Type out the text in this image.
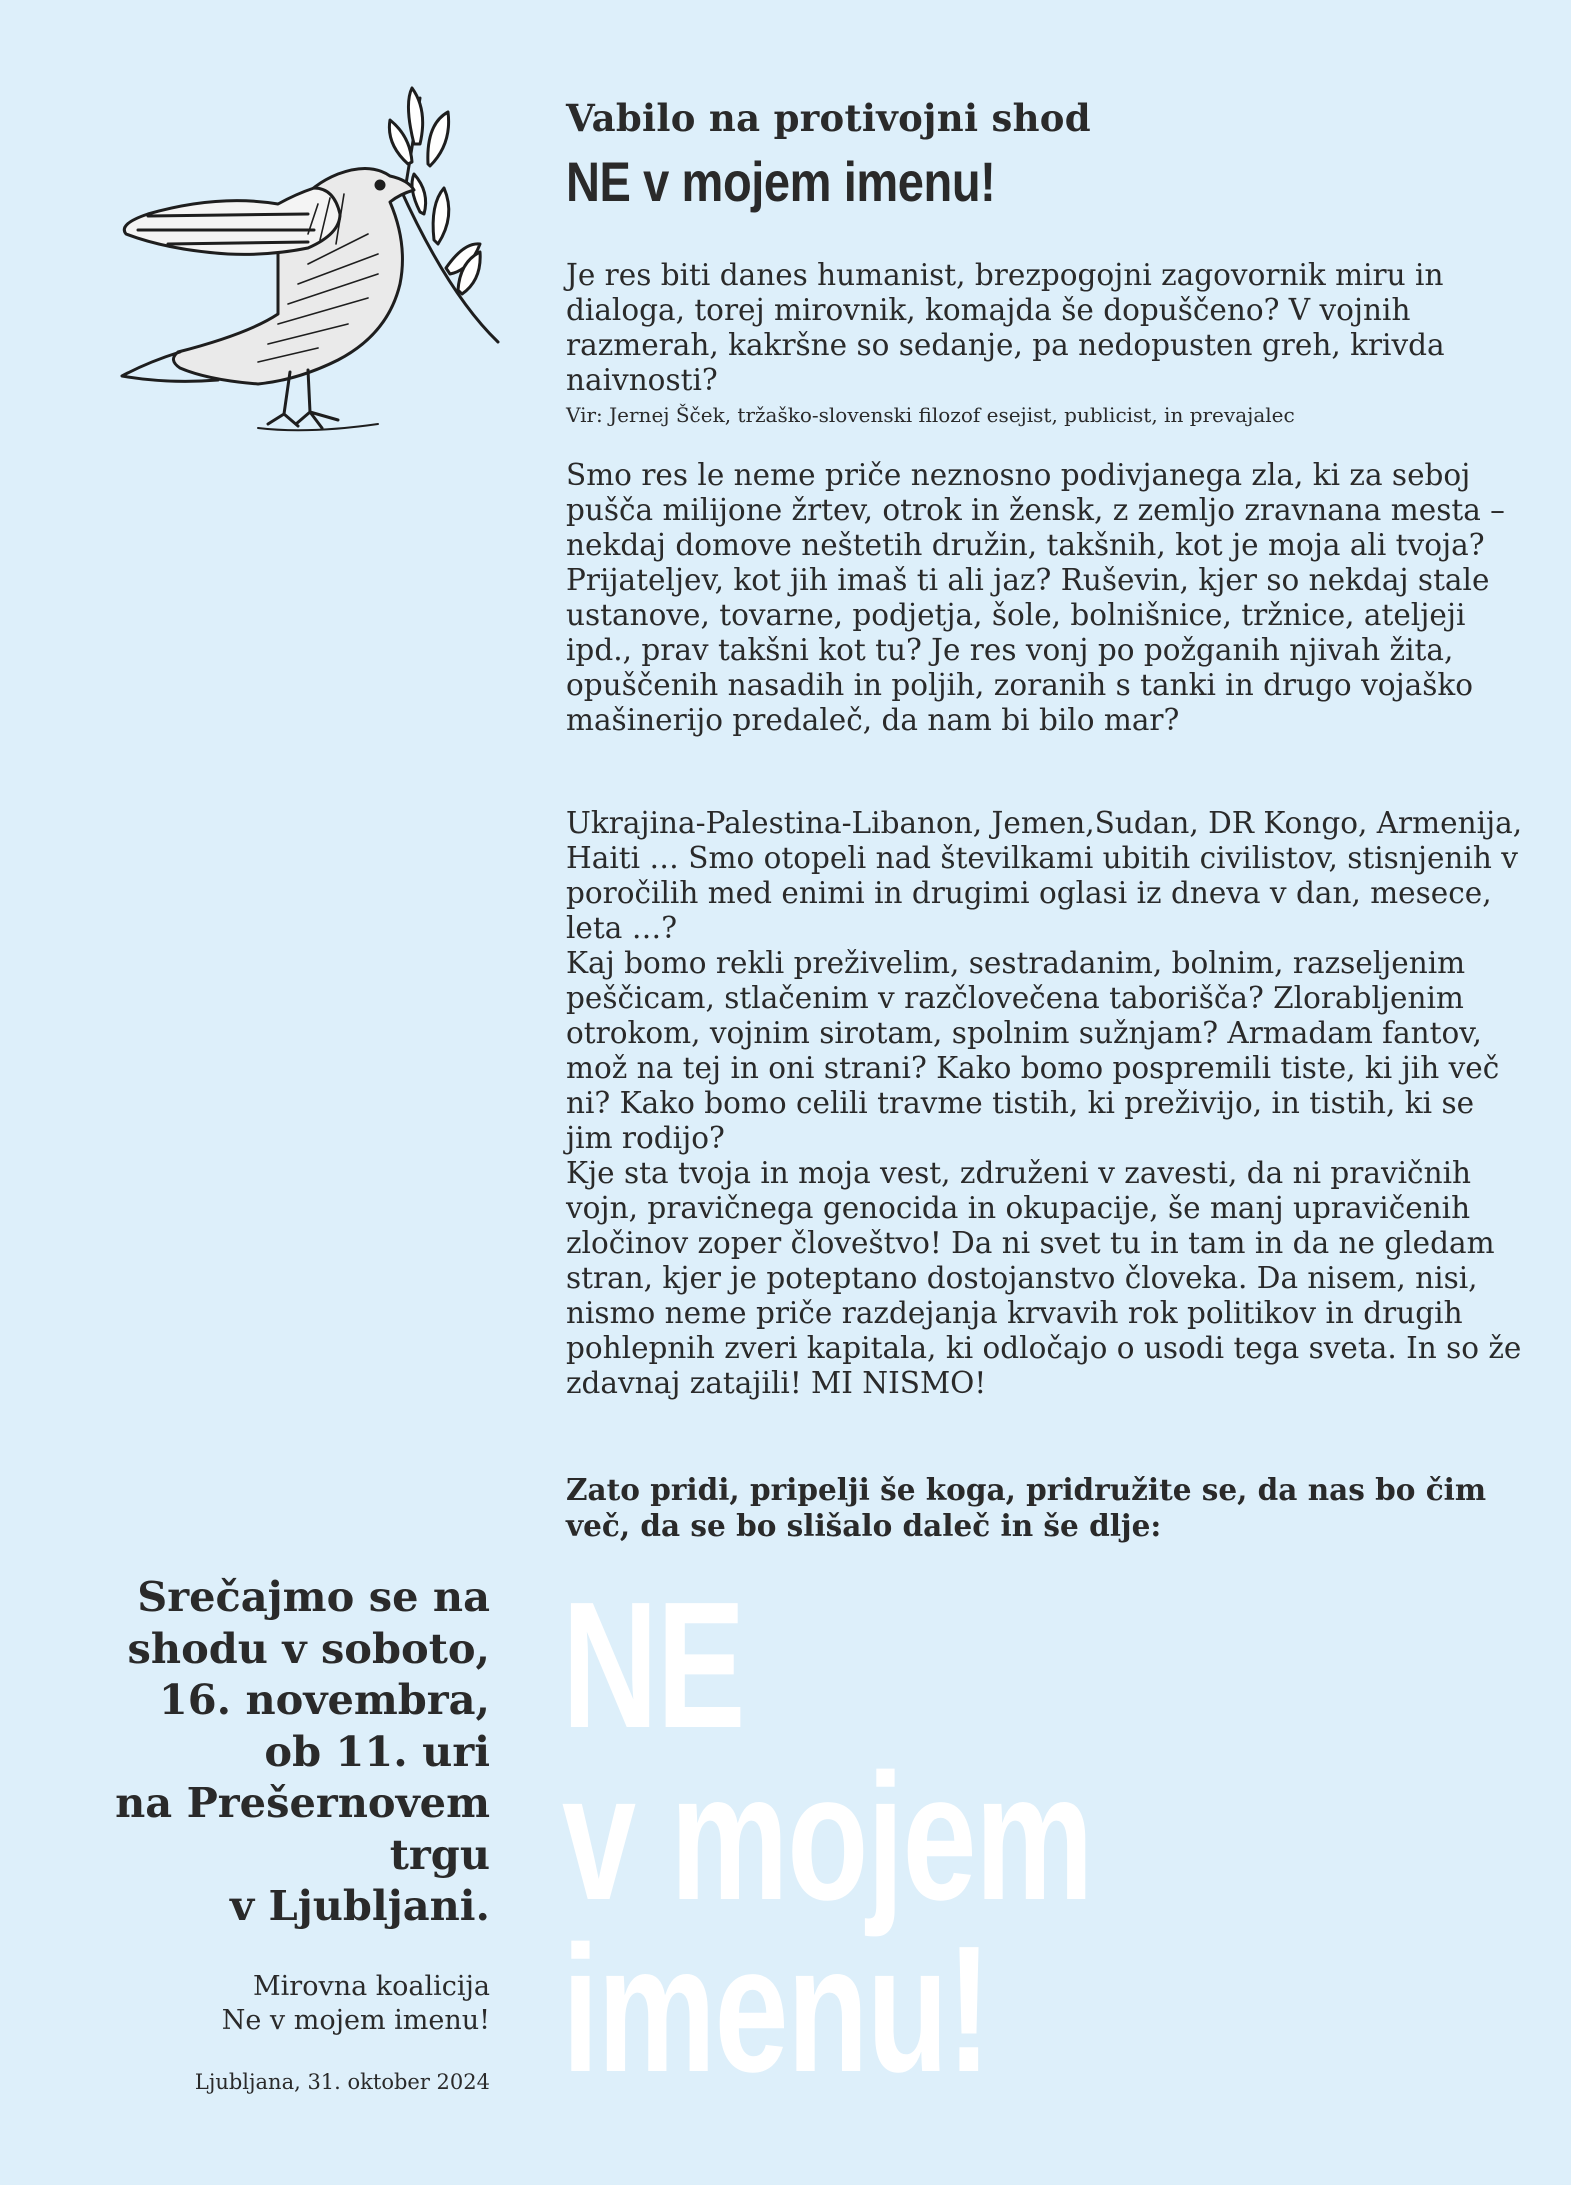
Vabilo na protivojni shod
NE v mojem imenu!

Je res biti danes humanist, brezpogojni zagovornik miru in dialoga, torej mirovnik, komajda še dopuščeno? V vojnih razmerah, kakršne so sedanje, pa nedopusten greh, krivda naivnosti?

Vir: Jernej Šček, tržaško-slovenski filozof esejist, publicist, in prevajalec

Smo res le neme priče neznosno podivjanega zla, ki za seboj pušča milijone žrtev, otrok in žensk, z zemljo zravnana mesta – nekdaj domove neštetih družin, takšnih, kot je moja ali tvoja? Prijateljev, kot jih imaš ti ali jaz? Ruševin, kjer so nekdaj stale ustanove, tovarne, podjetja, šole, bolnišnice, tržnice, ateljeji ipd., prav takšni kot tu? Je res vonj po požganih njivah žita, opuščenih nasadih in poljih, zoranih s tanki in drugo vojaško mašinerijo predaleč, da nam bi bilo mar?

Ukrajina-Palestina-Libanon, Jemen,Sudan, DR Kongo, Armenija, Haiti … Smo otopeli nad številkami ubitih civilistov, stisnjenih v poročilih med enimi in drugimi oglasi iz dneva v dan, mesece, leta …?

Kaj bomo rekli preživelim, sestradanim, bolnim, razseljenim peščicam, stlačenim v razčlovečena taborišča? Zlorabljenim otrokom, vojnim sirotam, spolnim sužnjam? Armadam fantov, mož na tej in oni strani? Kako bomo pospremili tiste, ki jih več ni? Kako bomo celili travme tistih, ki preživijo, in tistih, ki se jim rodijo?

Kje sta tvoja in moja vest, združeni v zavesti, da ni pravičnih vojn, pravičnega genocida in okupacije, še manj upravičenih zločinov zoper človeštvo! Da ni svet tu in tam in da ne gledam stran, kjer je poteptano dostojanstvo človeka. Da nisem, nisi, nismo neme priče razdejanja krvavih rok politikov in drugih pohlepnih zveri kapitala, ki odločajo o usodi tega sveta. In so že zdavnaj zatajili! MI NISMO!

Zato pridi, pripelji še koga, pridružite se, da nas bo čim več, da se bo slišalo daleč in še dlje:
NE
v mojem
imenu!
Srečajmo se na
shodu v soboto,
16. novembra,
ob 11. uri
na Prešernovem
trgu
v Ljubljani.
Mirovna koalicija
Ne v mojem imenu!
Ljubljana, 31. oktober 2024
